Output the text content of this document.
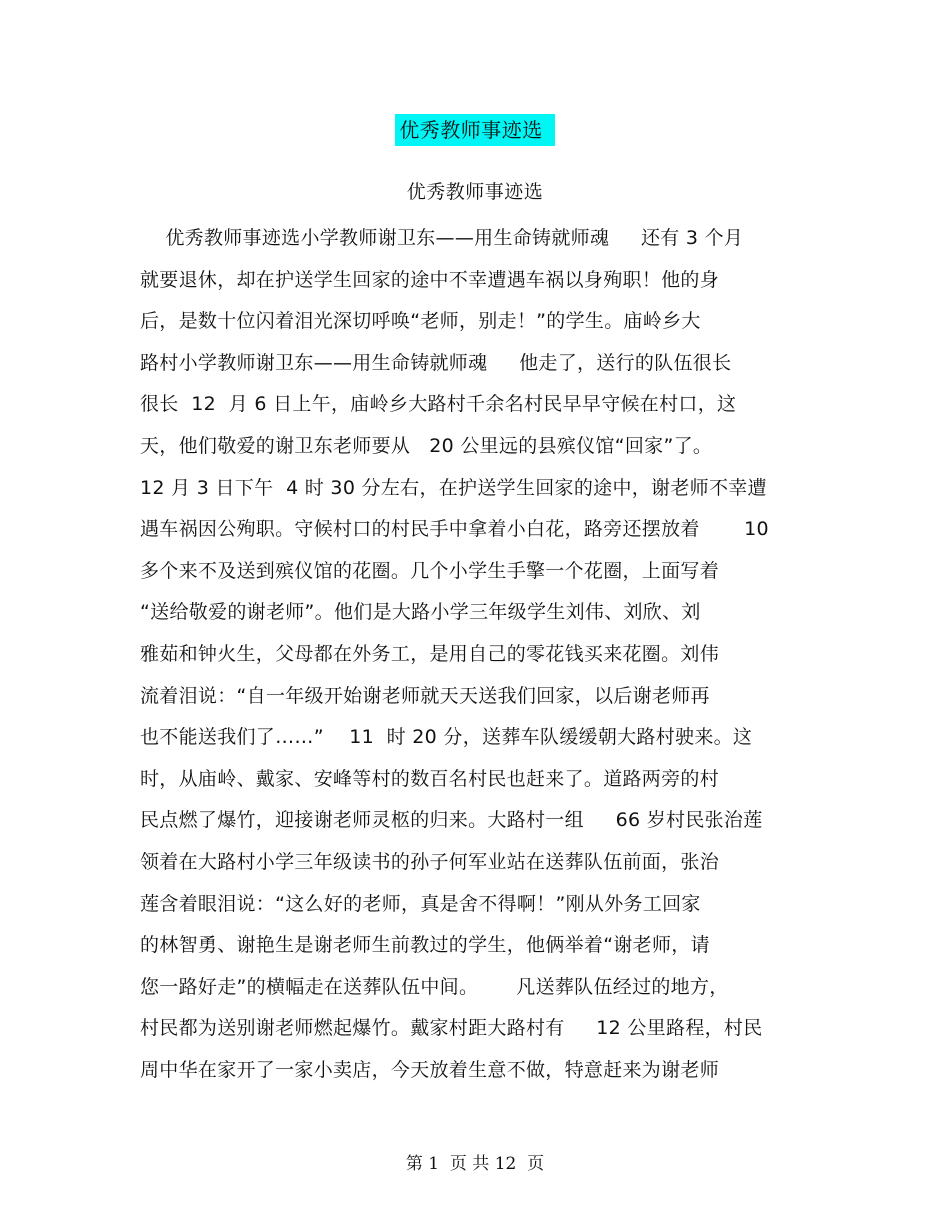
优秀教师事迹选
优秀教师事迹选
优秀教师事迹选小学教师谢卫东——用生命铸就师魂     还有 3 个月
就要退休，却在护送学生回家的途中不幸遭遇车祸以身殉职！他的身
后，是数十位闪着泪光深切呼唤“老师，别走！”的学生。庙岭乡大
路村小学教师谢卫东——用生命铸就师魂     他走了，送行的队伍很长
很长  12  月 6 日上午，庙岭乡大路村千余名村民早早守候在村口，这
天，他们敬爱的谢卫东老师要从   20 公里远的县殡仪馆“回家”了。
12 月 3 日下午  4 时 30 分左右，在护送学生回家的途中，谢老师不幸遭
遇车祸因公殉职。守候村口的村民手中拿着小白花，路旁还摆放着       10
多个来不及送到殡仪馆的花圈。几个小学生手擎一个花圈，上面写着
“送给敬爱的谢老师”。他们是大路小学三年级学生刘伟、刘欣、刘
雅茹和钟火生，父母都在外务工，是用自己的零花钱买来花圈。刘伟
流着泪说：“自一年级开始谢老师就天天送我们回家，以后谢老师再
也不能送我们了……”    11  时 20 分，送葬车队缓缓朝大路村驶来。这
时，从庙岭、戴家、安峰等村的数百名村民也赶来了。道路两旁的村
民点燃了爆竹，迎接谢老师灵柩的归来。大路村一组     66 岁村民张治莲
领着在大路村小学三年级读书的孙子何军业站在送葬队伍前面，张治
莲含着眼泪说：“这么好的老师，真是舍不得啊！”刚从外务工回家
的林智勇、谢艳生是谢老师生前教过的学生，他俩举着“谢老师，请
您一路好走”的横幅走在送葬队伍中间。      凡送葬队伍经过的地方，
村民都为送别谢老师燃起爆竹。戴家村距大路村有     12 公里路程，村民
周中华在家开了一家小卖店，今天放着生意不做，特意赶来为谢老师
第 1  页 共 12  页
